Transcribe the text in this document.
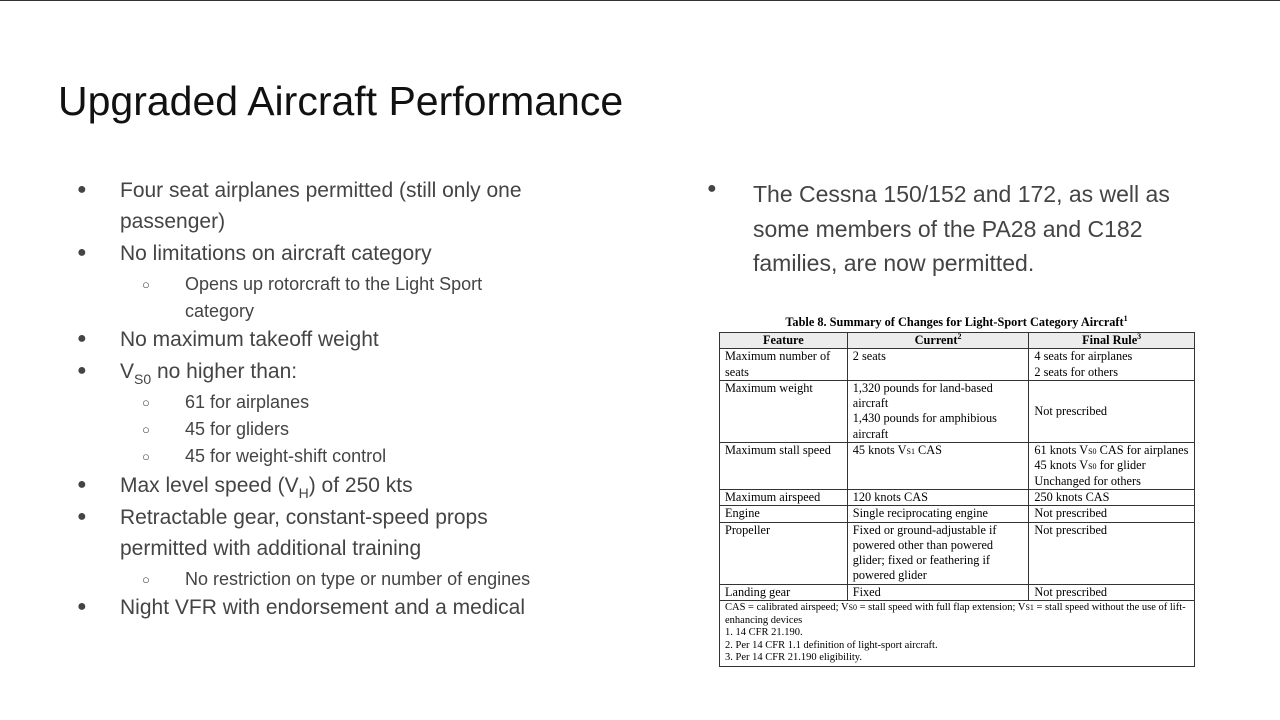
Upgraded Aircraft Performance
● Four seat airplanes permitted (still only one
passenger)
● No limitations on aircraft category
○ Opens up rotorcraft to the Light Sport
category
● No maximum takeoff weight
● $V_{S0}$ no higher than:
○ 61 for airplanes
○ 45 for gliders
○ 45 for weight-shift control
● Max level speed $(V_H)$ of 250 kts
● Retractable gear, constant-speed props
permitted with additional training
○ No restriction on type or number of engines
● Night VFR with endorsement and a medical
● The Cessna 150/152 and 172, as well as some members of the PA28 and C182 families, are now permitted.
Table 8. Summary of Changes for Light-Sport Category Aircraft$^1$
Feature	Current$^2$	Final Rule$^3$

Maximum number of seats	2 seats	4 seats for airplanes
2 seats for others

Maximum weight	1,320 pounds for land-based aircraft
1,430 pounds for amphibious aircraft	Not prescribed

Maximum stall speed	45 knots VS1 CAS	61 knots VS0 CAS for airplanes
45 knots VS0 for glider
Unchanged for others

Maximum airspeed	120 knots CAS	250 knots CAS

Engine	Single reciprocating engine	Not prescribed

Propeller	Fixed or ground-adjustable if powered other than powered glider; fixed or feathering if powered glider	Not prescribed

Landing gear	Fixed	Not prescribed

CAS = calibrated airspeed; VS0 = stall speed with full flap extension; VS1 = stall speed without the use of lift-enhancing devices
1. 14 CFR 21.190.
2. Per 14 CFR 1.1 definition of light-sport aircraft.
3. Per 14 CFR 21.190 eligibility.		
